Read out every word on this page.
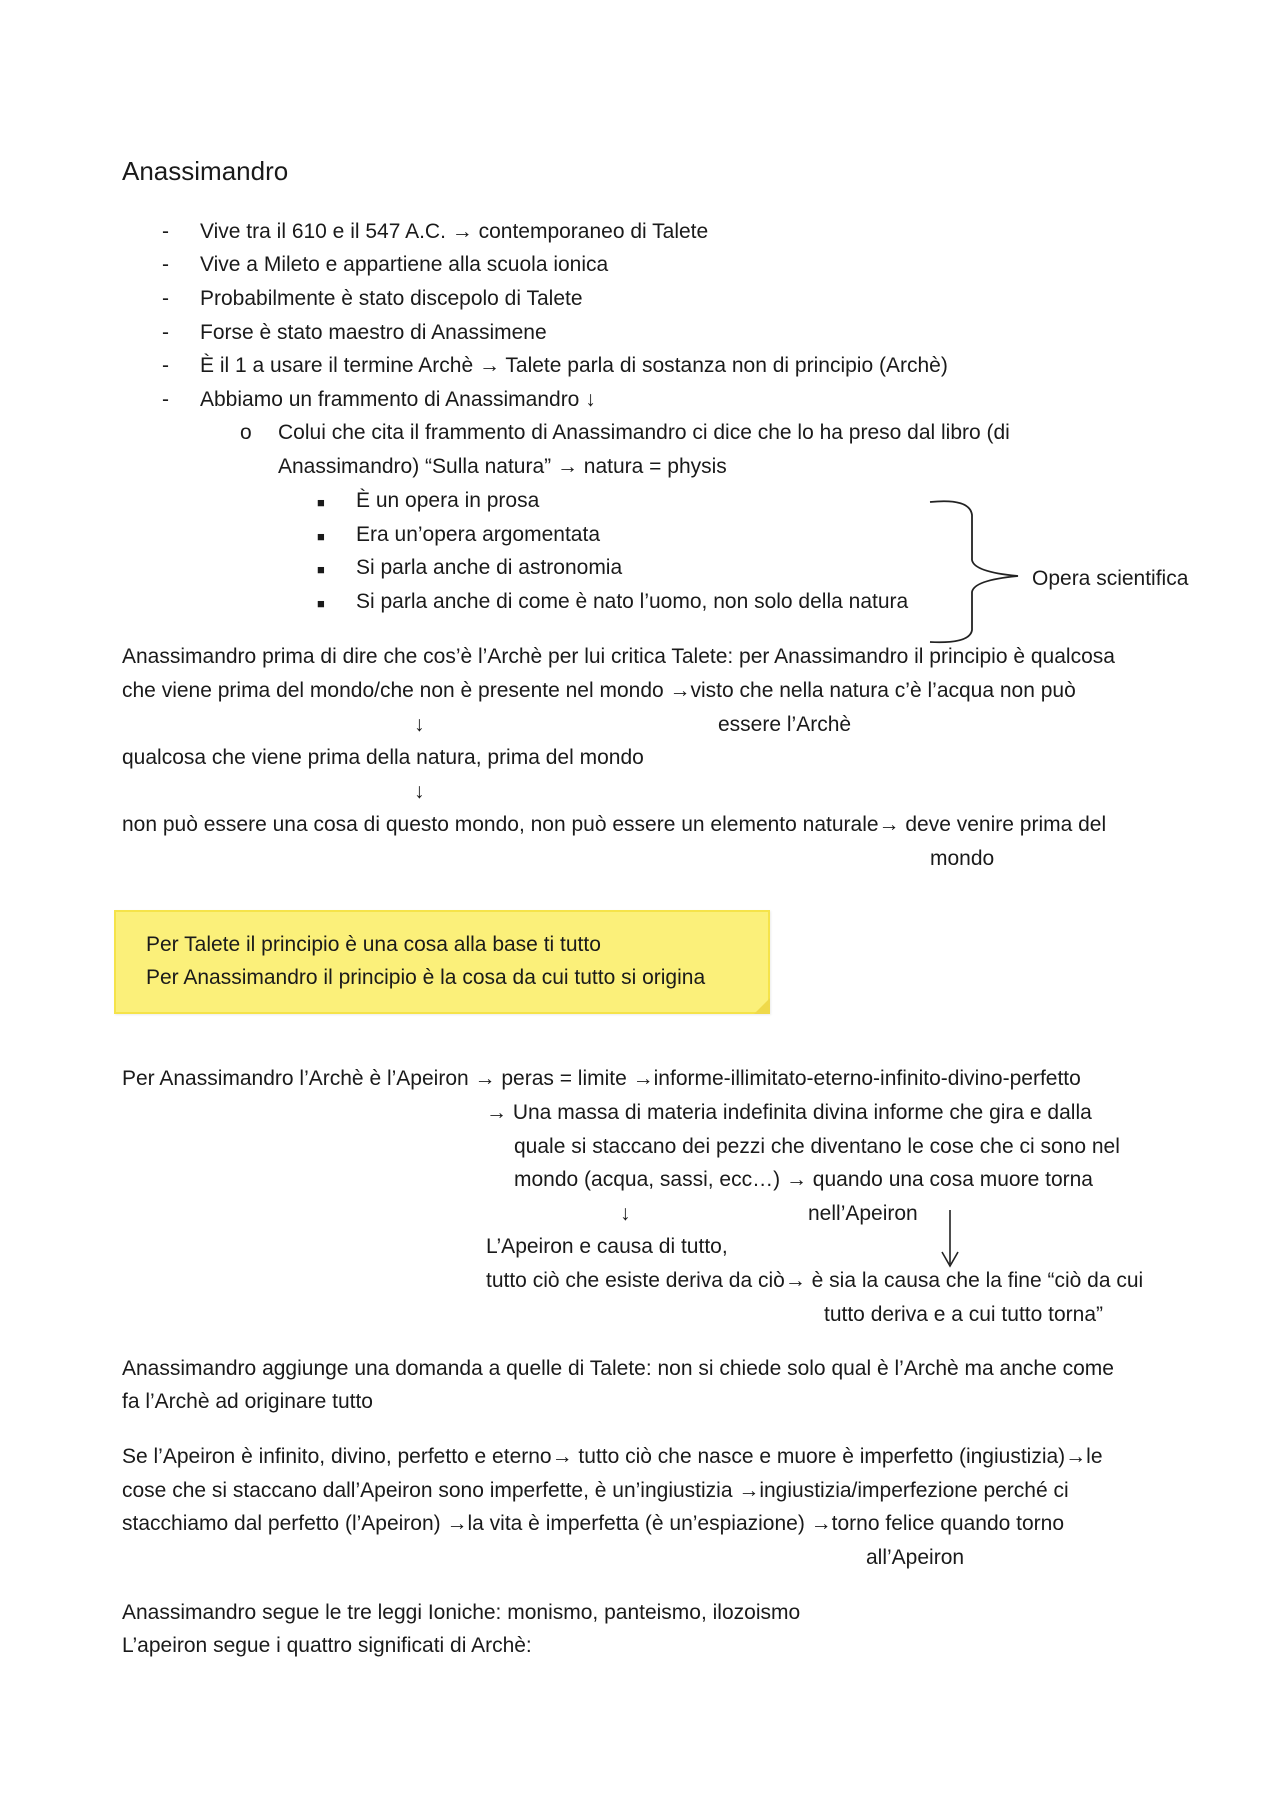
Anassimandro
- Vive tra il 610 e il 547 A.C. → contemporaneo di Talete
- Vive a Mileto e appartiene alla scuola ionica
- Probabilmente è stato discepolo di Talete
- Forse è stato maestro di Anassimene
- È il 1 a usare il termine Archè → Talete parla di sostanza non di principio (Archè)
- Abbiamo un frammento di Anassimandro ↓
o Colui che cita il frammento di Anassimandro ci dice che lo ha preso dal libro (di
Anassimandro) “Sulla natura” → natura = physis
■ È un opera in prosa
■ Era un’opera argomentata
■ Si parla anche di astronomia
■ Si parla anche di come è nato l’uomo, non solo della natura
Opera scientifica
Anassimandro prima di dire che cos’è l’Archè per lui critica Talete: per Anassimandro il principio è qualcosa
che viene prima del mondo/che non è presente nel mondo →visto che nella natura c’è l’acqua non può
↓	essere l’Archè
qualcosa che viene prima della natura, prima del mondo
↓
non può essere una cosa di questo mondo, non può essere un elemento naturale→ deve venire prima del
mondo
Per Talete il principio è una cosa alla base ti tutto
Per Anassimandro il principio è la cosa da cui tutto si origina
Per Anassimandro l’Archè è l’Apeiron → peras = limite →informe-illimitato-eterno-infinito-divino-perfetto
→ Una massa di materia indefinita divina informe che gira e dalla
quale si staccano dei pezzi che diventano le cose che ci sono nel
mondo (acqua, sassi, ecc…) → quando una cosa muore torna
↓	nell’Apeiron
L’Apeiron e causa di tutto,
tutto ciò che esiste deriva da ciò→ è sia la causa che la fine “ciò da cui
tutto deriva e a cui tutto torna”
Anassimandro aggiunge una domanda a quelle di Talete: non si chiede solo qual è l’Archè ma anche come
fa l’Archè ad originare tutto
Se l’Apeiron è infinito, divino, perfetto e eterno→ tutto ciò che nasce e muore è imperfetto (ingiustizia)→le
cose che si staccano dall’Apeiron sono imperfette, è un’ingiustizia →ingiustizia/imperfezione perché ci
stacchiamo dal perfetto (l’Apeiron) →la vita è imperfetta (è un’espiazione) →torno felice quando torno
all’Apeiron
Anassimandro segue le tre leggi Ioniche: monismo, panteismo, ilozoismo
L’apeiron segue i quattro significati di Archè:
